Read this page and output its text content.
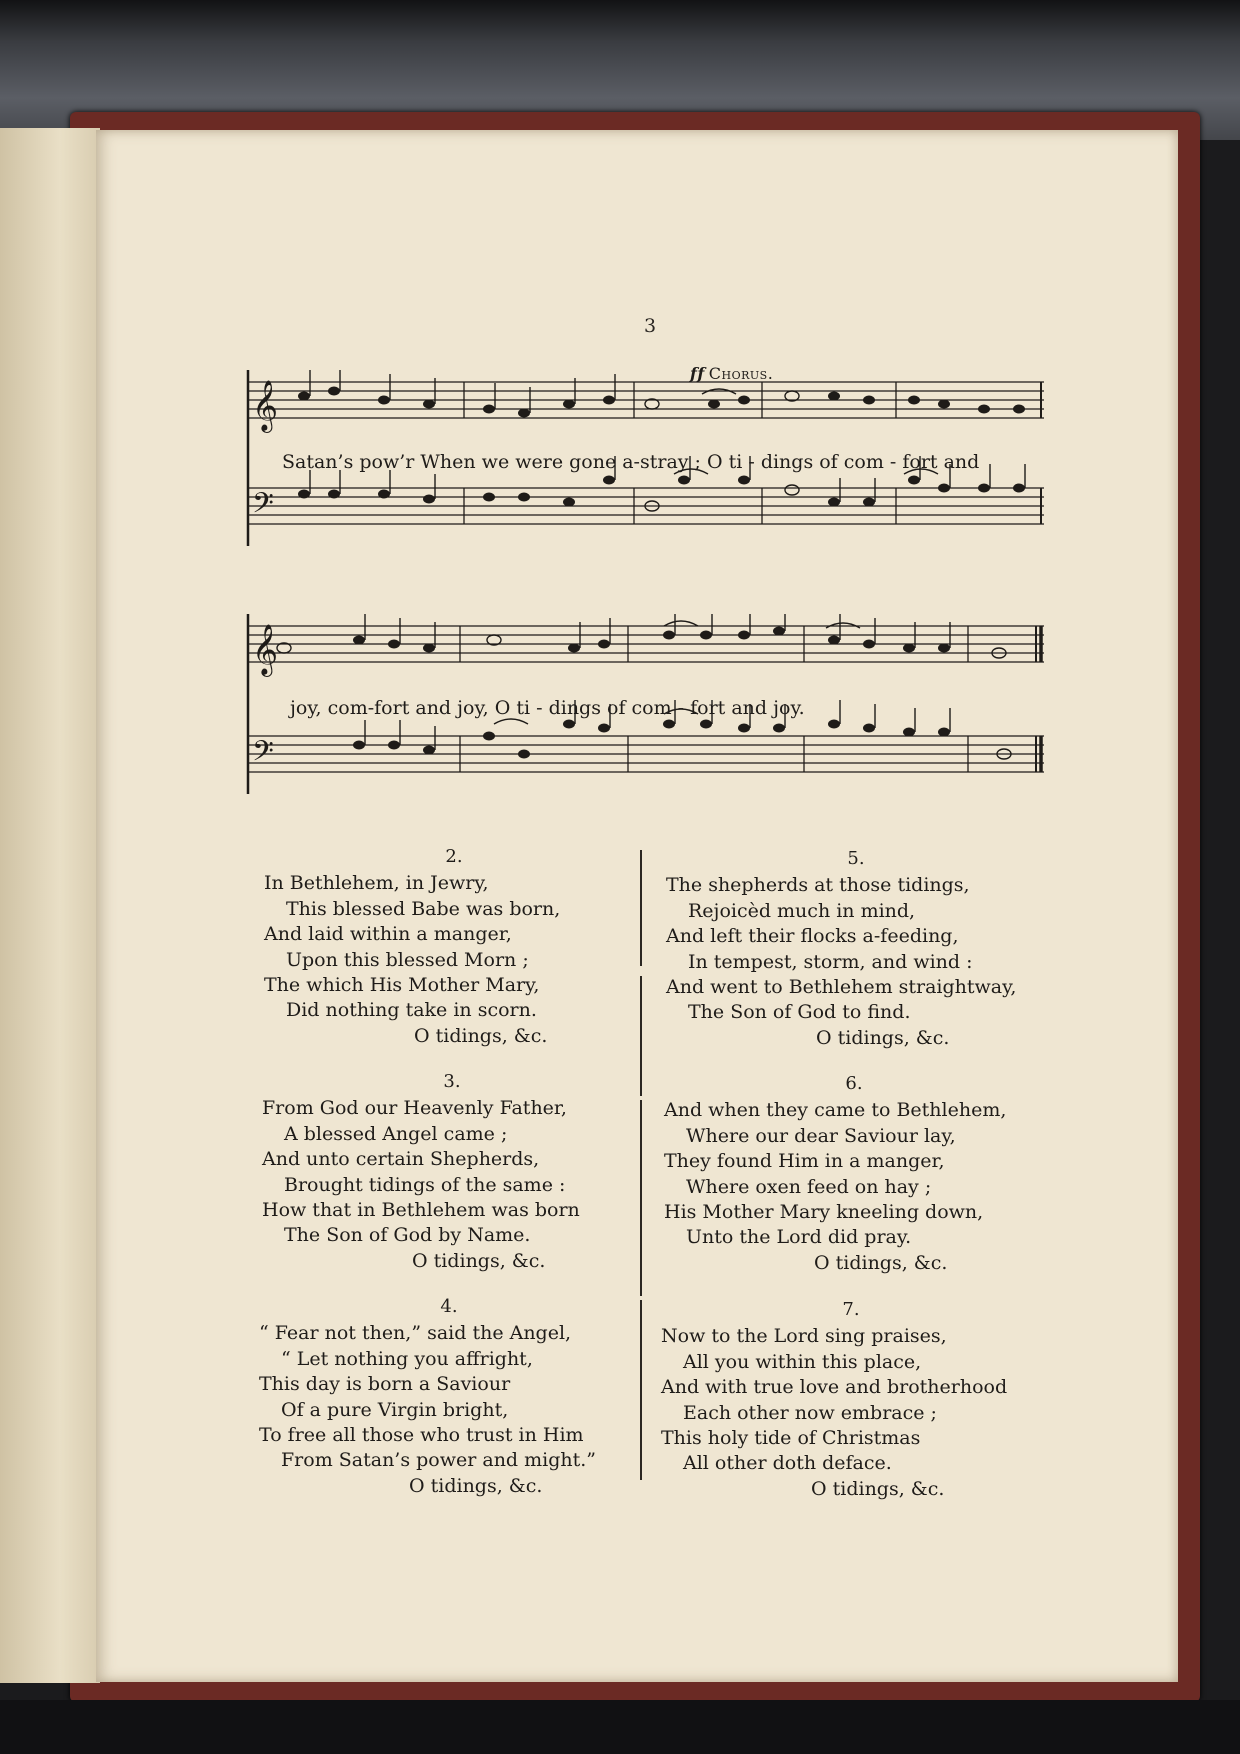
3
ff Chorus.
𝄞
𝄢
Satan’s pow’r When we were gone a-stray ; O ti - dings of com - fort and
𝄞
𝄢
joy, com-fort and joy, O ti - dings of com - fort and joy.
2.
In Bethlehem, in Jewry,
This blessed Babe was born,
And laid within a manger,
Upon this blessed Morn ;
The which His Mother Mary,
Did nothing take in scorn.
O tidings, &c.
3.
From God our Heavenly Father,
A blessed Angel came ;
And unto certain Shepherds,
Brought tidings of the same :
How that in Bethlehem was born
The Son of God by Name.
O tidings, &c.
4.
“ Fear not then,” said the Angel,
“ Let nothing you affright,
This day is born a Saviour
Of a pure Virgin bright,
To free all those who trust in Him
From Satan’s power and might.”
O tidings, &c.
5.
The shepherds at those tidings,
Rejoicèd much in mind,
And left their flocks a-feeding,
In tempest, storm, and wind :
And went to Bethlehem straightway,
The Son of God to find.
O tidings, &c.
6.
And when they came to Bethlehem,
Where our dear Saviour lay,
They found Him in a manger,
Where oxen feed on hay ;
His Mother Mary kneeling down,
Unto the Lord did pray.
O tidings, &c.
7.
Now to the Lord sing praises,
All you within this place,
And with true love and brotherhood
Each other now embrace ;
This holy tide of Christmas
All other doth deface.
O tidings, &c.
